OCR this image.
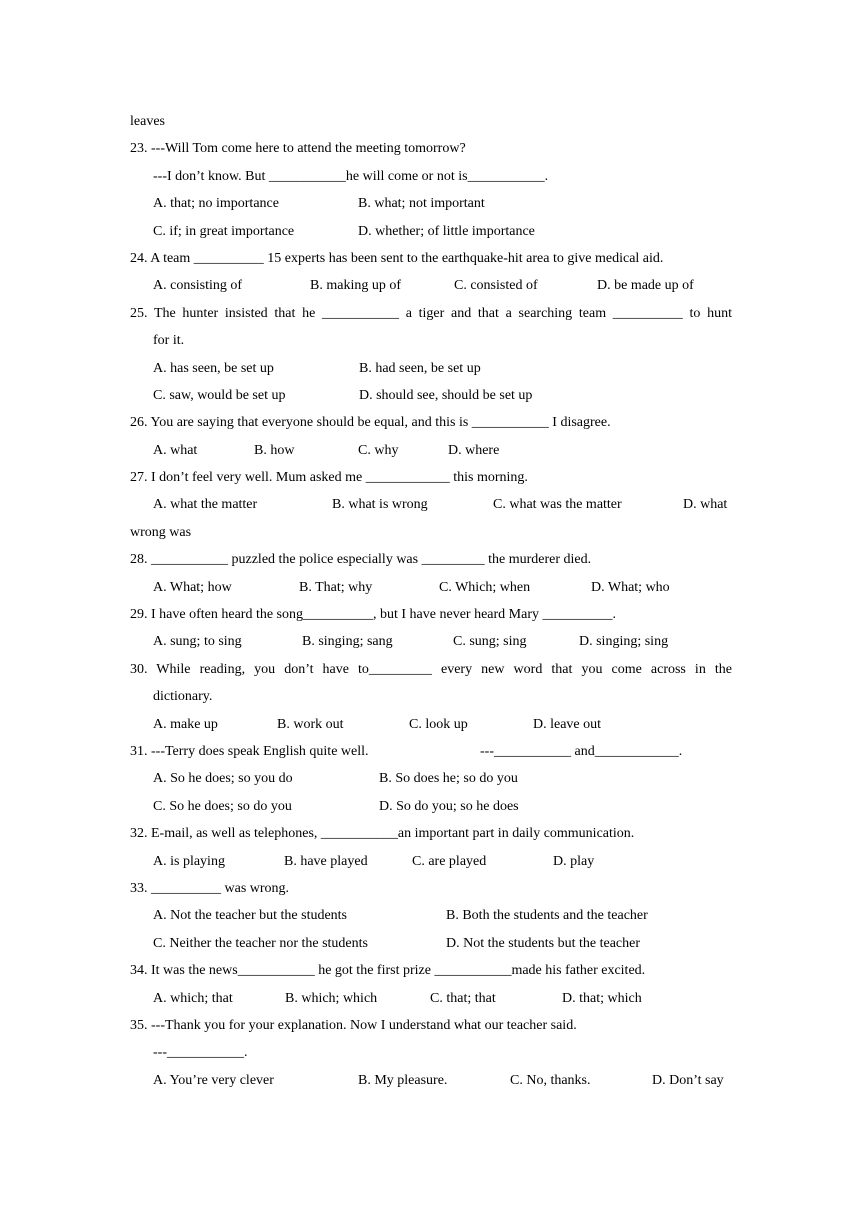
leaves
23. ---Will Tom come here to attend the meeting tomorrow?
---I don’t know. But ___________he will come or not is___________.
A. that; no importance	B. what; not important
C. if; in great importance	D. whether; of little importance
24. A team __________ 15 experts has been sent to the earthquake-hit area to give medical aid.
A. consisting of	B. making up of	C. consisted of	D. be made up of
25. The hunter insisted that he ___________ a tiger and that a searching team __________ to hunt
for it.
A. has seen, be set up	B. had seen, be set up
C. saw, would be set up	D. should see, should be set up
26. You are saying that everyone should be equal, and this is ___________ I disagree.
A. what	B. how	C. why	D. where
27. I don’t feel very well. Mum asked me ____________ this morning.
A. what the matter	B. what is wrong	C. what was the matter	D. what
wrong was
28. ___________ puzzled the police especially was _________ the murderer died.
A. What; how	B. That; why	C. Which; when	D. What; who
29. I have often heard the song__________, but I have never heard Mary __________.
A. sung; to sing	B. singing; sang	C. sung; sing	D. singing; sing
30. While reading, you don’t have to_________ every new word that you come across in the
dictionary.
A. make up	B. work out	C. look up	D. leave out
31. ---Terry does speak English quite well.	---___________ and____________.
A. So he does; so you do	B. So does he; so do you
C. So he does; so do you	D. So do you; so he does
32. E-mail, as well as telephones, ___________an important part in daily communication.
A. is playing	B. have played	C. are played	D. play
33. __________ was wrong.
A. Not the teacher but the students	B. Both the students and the teacher
C. Neither the teacher nor the students	D. Not the students but the teacher
34. It was the news___________ he got the first prize ___________made his father excited.
A. which; that	B. which; which	C. that; that	D. that; which
35. ---Thank you for your explanation. Now I understand what our teacher said.
---___________.
A. You’re very clever	B. My pleasure.	C. No, thanks.	D. Don’t say
